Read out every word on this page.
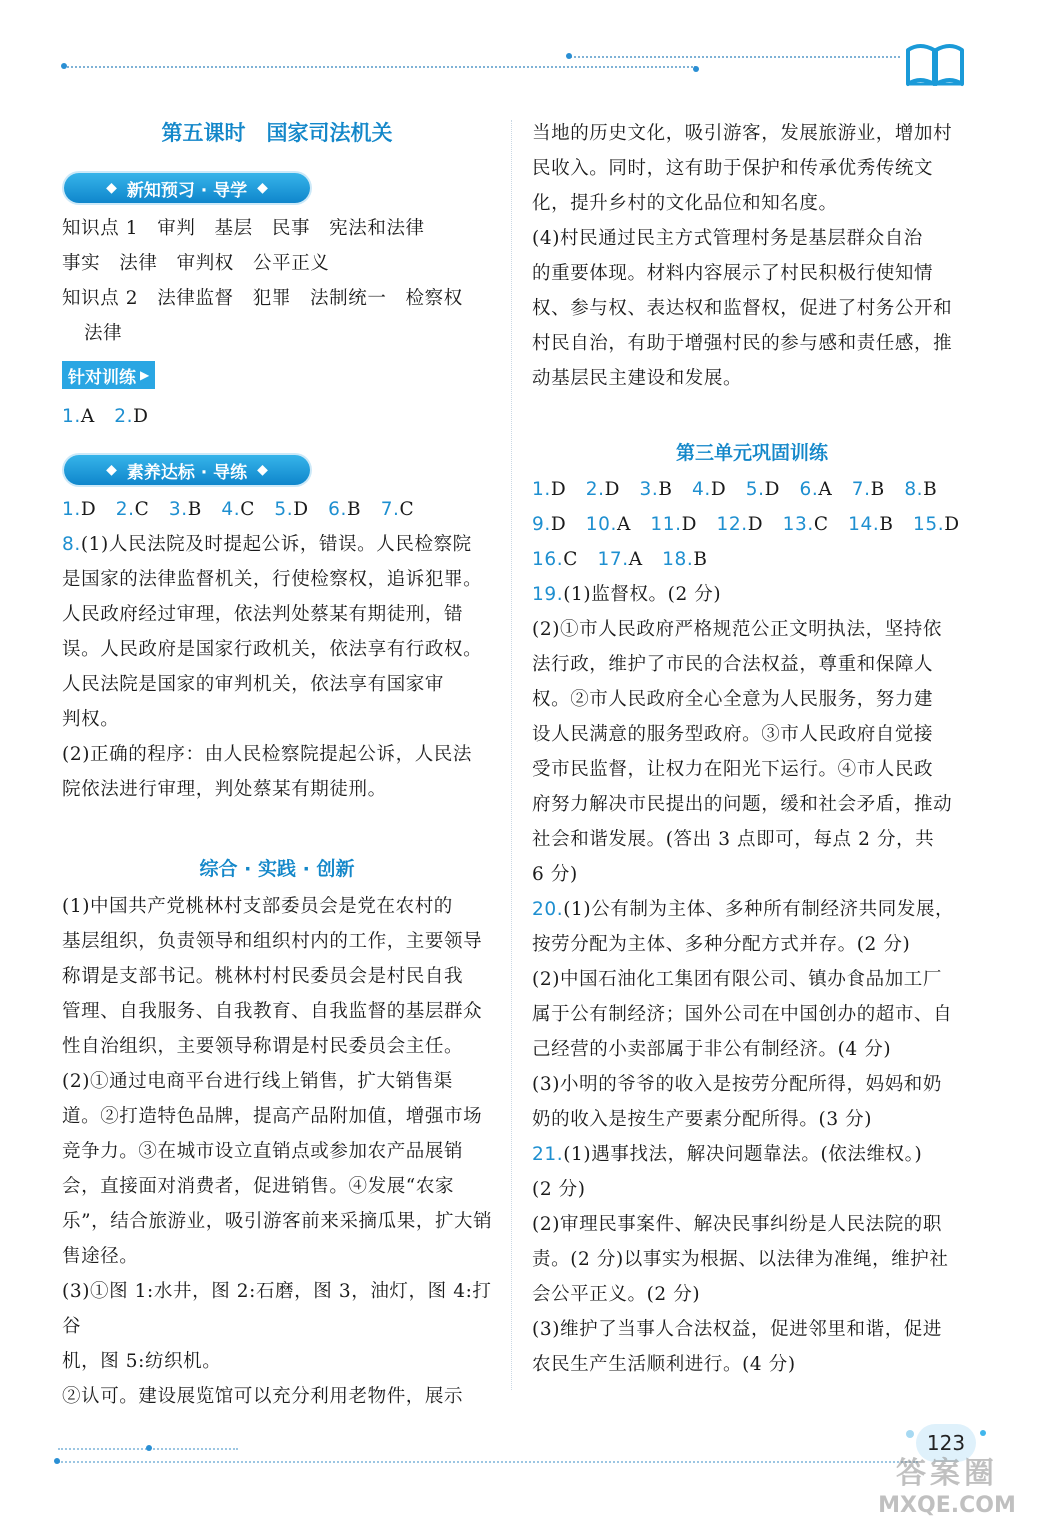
第五课时　国家司法机关
◆ 新知预习 · 导学 ◆

知识点 1　审判　基层　民事　宪法和法律

事实　法律　审判权　公平正义

知识点 2　法律监督　犯罪　法制统一　检察权

法律

针对训练 ▶

1.A 2.D

◆ 素养达标 · 导练 ◆

1.D 2.C 3.B 4.C 5.D 6.B 7.C

8.(1)人民法院及时提起公诉，错误。人民检察院

是国家的法律监督机关，行使检察权，追诉犯罪。

人民政府经过审理，依法判处蔡某有期徒刑，错

误。人民政府是国家行政机关，依法享有行政权。

人民法院是国家的审判机关，依法享有国家审

判权。

(2)正确的程序：由人民检察院提起公诉，人民法

院依法进行审理，判处蔡某有期徒刑。

综合 · 实践 · 创新

(1)中国共产党桃林村支部委员会是党在农村的

基层组织，负责领导和组织村内的工作，主要领导

称谓是支部书记。桃林村村民委员会是村民自我

管理、自我服务、自我教育、自我监督的基层群众

性自治组织，主要领导称谓是村民委员会主任。

(2)①通过电商平台进行线上销售，扩大销售渠

道。②打造特色品牌，提高产品附加值，增强市场

竞争力。③在城市设立直销点或参加农产品展销

会，直接面对消费者，促进销售。④发展“农家

乐”，结合旅游业，吸引游客前来采摘瓜果，扩大销

售途径。

(3)①图 1:水井，图 2:石磨，图 3，油灯，图 4:打谷

机，图 5:纺织机。

②认可。建设展览馆可以充分利用老物件，展示

当地的历史文化，吸引游客，发展旅游业，增加村

民收入。同时，这有助于保护和传承优秀传统文

化，提升乡村的文化品位和知名度。

(4)村民通过民主方式管理村务是基层群众自治

的重要体现。材料内容展示了村民积极行使知情

权、参与权、表达权和监督权，促进了村务公开和

村民自治，有助于增强村民的参与感和责任感，推

动基层民主建设和发展。

第三单元巩固训练

1.D 2.D 3.B 4.D 5.D 6.A 7.B 8.B

9.D 10.A 11.D 12.D 13.C 14.B 15.D

16.C 17.A 18.B

19.(1)监督权。(2 分)

(2)①市人民政府严格规范公正文明执法，坚持依

法行政，维护了市民的合法权益，尊重和保障人

权。②市人民政府全心全意为人民服务，努力建

设人民满意的服务型政府。③市人民政府自觉接

受市民监督，让权力在阳光下运行。④市人民政

府努力解决市民提出的问题，缓和社会矛盾，推动

社会和谐发展。(答出 3 点即可，每点 2 分，共

6 分)

20.(1)公有制为主体、多种所有制经济共同发展，

按劳分配为主体、多种分配方式并存。(2 分)

(2)中国石油化工集团有限公司、镇办食品加工厂

属于公有制经济；国外公司在中国创办的超市、自

己经营的小卖部属于非公有制经济。(4 分)

(3)小明的爷爷的收入是按劳分配所得，妈妈和奶

奶的收入是按生产要素分配所得。(3 分)

21.(1)遇事找法，解决问题靠法。(依法维权。)

(2 分)

(2)审理民事案件、解决民事纠纷是人民法院的职

责。(2 分)以事实为根据、以法律为准绳，维护社

会公平正义。(2 分)

(3)维护了当事人合法权益，促进邻里和谐，促进

农民生产生活顺利进行。(4 分)

123
答案圈
MXQE.COM
